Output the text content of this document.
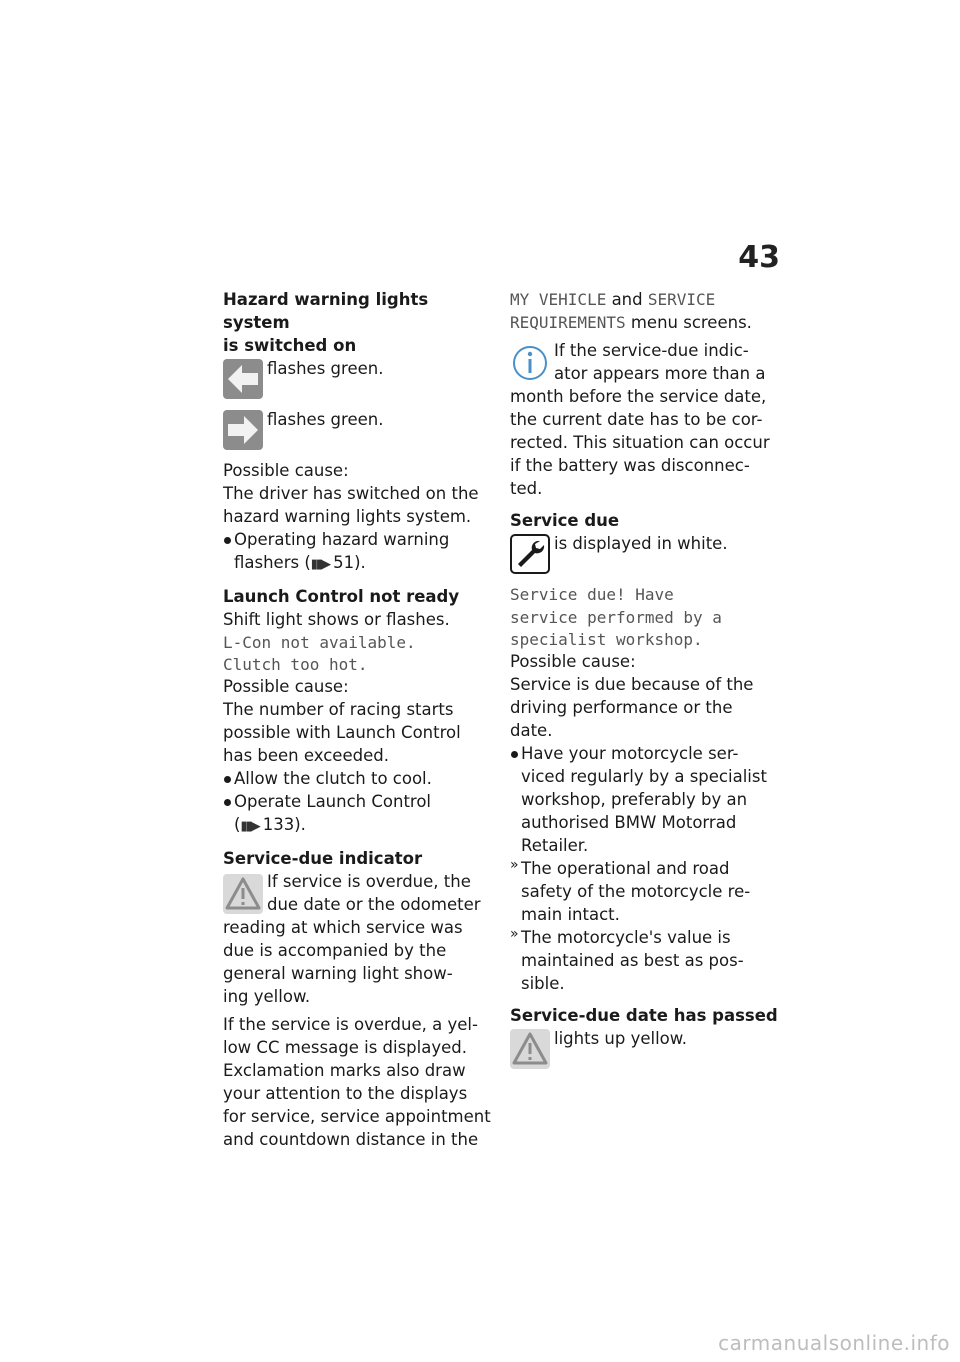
43

Hazard warning lights system

is switched on

flashes green.

flashes green.

Possible cause:

The driver has switched on the

hazard warning lights system.

Operating hazard warning

flashers (▮▮▶ 51).

Launch Control not ready

Shift light shows or flashes.

L-Con not available.

Clutch too hot.

Possible cause:

The number of racing starts

possible with Launch Control

has been exceeded.

Allow the clutch to cool.

Operate Launch Control

(▮▮▶ 133).

Service-due indicator

If service is overdue, the

due date or the odometer

reading at which service was

due is accompanied by the

general warning light show-

ing yellow.

If the service is overdue, a yel-

low CC message is displayed.

Exclamation marks also draw

your attention to the displays

for service, service appointment

and countdown distance in the

MY VEHICLE and SERVICE

REQUIREMENTS menu screens.

If the service-due indic-

ator appears more than a

month before the service date,

the current date has to be cor-

rected. This situation can occur

if the battery was disconnec-

ted.

Service due

is displayed in white.

Service due! Have

service performed by a

specialist workshop.

Possible cause:

Service is due because of the

driving performance or the

date.

Have your motorcycle ser-

viced regularly by a specialist

workshop, preferably by an

authorised BMW Motorrad

Retailer.

» The operational and road

safety of the motorcycle re-

main intact.

» The motorcycle's value is

maintained as best as pos-

sible.

Service-due date has passed

lights up yellow.

carmanualsonline.info
